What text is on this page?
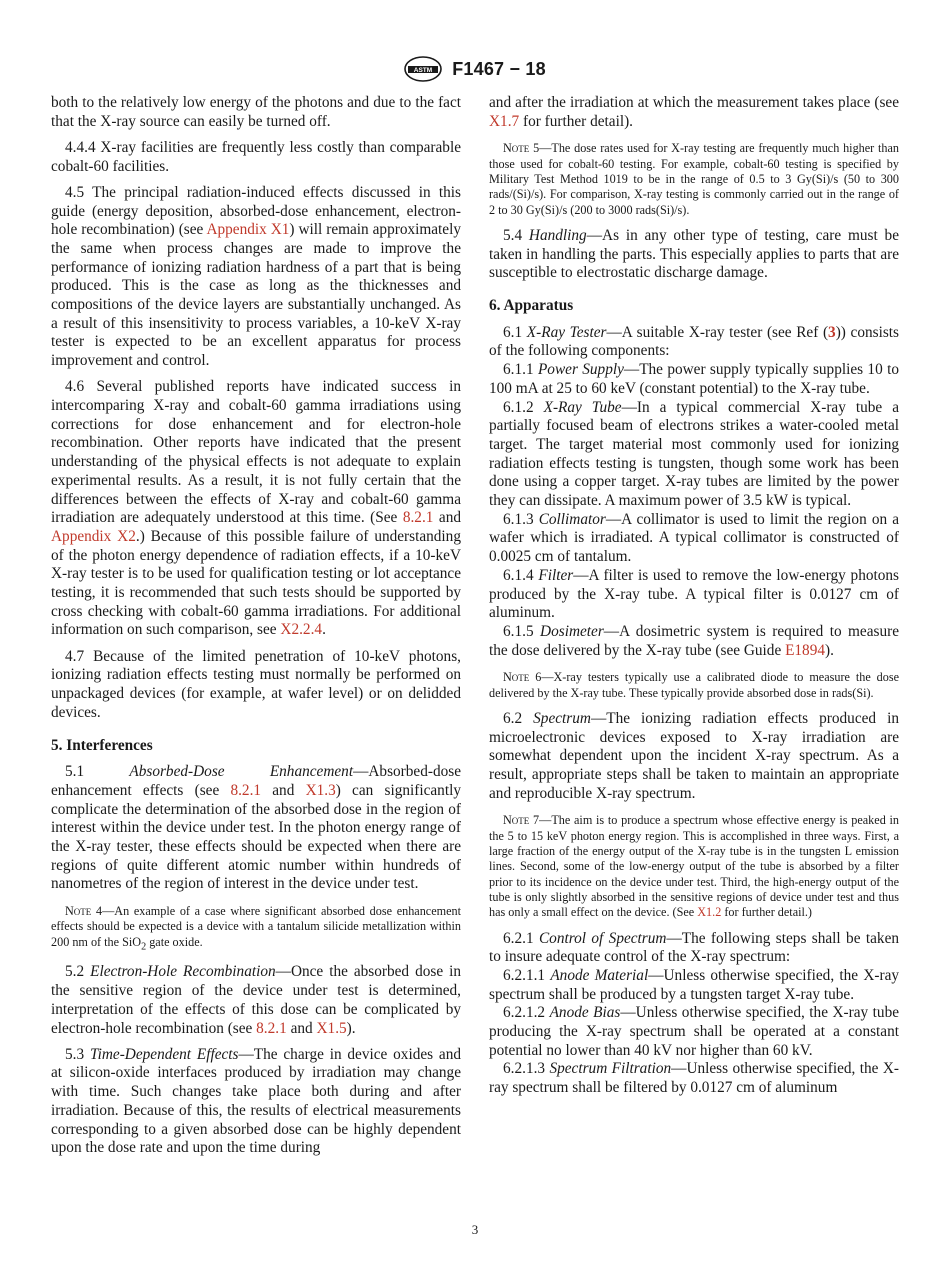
ASTM F1467 − 18

both to the relatively low energy of the photons and due to the fact that the X-ray source can easily be turned off.

4.4.4 X-ray facilities are frequently less costly than comparable cobalt-60 facilities.

4.5 The principal radiation-induced effects discussed in this guide (energy deposition, absorbed-dose enhancement, electron-hole recombination) (see Appendix X1) will remain approximately the same when process changes are made to improve the performance of ionizing radiation hardness of a part that is being produced. This is the case as long as the thicknesses and compositions of the device layers are substantially unchanged. As a result of this insensitivity to process variables, a 10-keV X-ray tester is expected to be an excellent apparatus for process improvement and control.

4.6 Several published reports have indicated success in intercomparing X-ray and cobalt-60 gamma irradiations using corrections for dose enhancement and for electron-hole recombination. Other reports have indicated that the present understanding of the physical effects is not adequate to explain experimental results. As a result, it is not fully certain that the differences between the effects of X-ray and cobalt-60 gamma irradiation are adequately understood at this time. (See 8.2.1 and Appendix X2.) Because of this possible failure of understanding of the photon energy dependence of radiation effects, if a 10-keV X-ray tester is to be used for qualification testing or lot acceptance testing, it is recommended that such tests should be supported by cross checking with cobalt-60 gamma irradiations. For additional information on such comparison, see X2.2.4.

4.7 Because of the limited penetration of 10-keV photons, ionizing radiation effects testing must normally be performed on unpackaged devices (for example, at wafer level) or on delidded devices.

5. Interferences

5.1 Absorbed-Dose Enhancement—Absorbed-dose enhancement effects (see 8.2.1 and X1.3) can significantly complicate the determination of the absorbed dose in the region of interest within the device under test. In the photon energy range of the X-ray tester, these effects should be expected when there are regions of quite different atomic number within hundreds of nanometres of the region of interest in the device under test.

Note 4—An example of a case where significant absorbed dose enhancement effects should be expected is a device with a tantalum silicide metallization within 200 nm of the SiO$_2$ gate oxide.

5.2 Electron-Hole Recombination—Once the absorbed dose in the sensitive region of the device under test is determined, interpretation of the effects of this dose can be complicated by electron-hole recombination (see 8.2.1 and X1.5).

5.3 Time-Dependent Effects—The charge in device oxides and at silicon-oxide interfaces produced by irradiation may change with time. Such changes take place both during and after irradiation. Because of this, the results of electrical measurements corresponding to a given absorbed dose can be highly dependent upon the dose rate and upon the time during

and after the irradiation at which the measurement takes place (see X1.7 for further detail).

Note 5—The dose rates used for X-ray testing are frequently much higher than those used for cobalt-60 testing. For example, cobalt-60 testing is specified by Military Test Method 1019 to be in the range of 0.5 to 3 Gy(Si)/s (50 to 300 rads/(Si)/s). For comparison, X-ray testing is commonly carried out in the range of 2 to 30 Gy(Si)/s (200 to 3000 rads(Si)/s).

5.4 Handling—As in any other type of testing, care must be taken in handling the parts. This especially applies to parts that are susceptible to electrostatic discharge damage.

6. Apparatus

6.1 X-Ray Tester—A suitable X-ray tester (see Ref (3)) consists of the following components:

6.1.1 Power Supply—The power supply typically supplies 10 to 100 mA at 25 to 60 keV (constant potential) to the X-ray tube.

6.1.2 X-Ray Tube—In a typical commercial X-ray tube a partially focused beam of electrons strikes a water-cooled metal target. The target material most commonly used for ionizing radiation effects testing is tungsten, though some work has been done using a copper target. X-ray tubes are limited by the power they can dissipate. A maximum power of 3.5 kW is typical.

6.1.3 Collimator—A collimator is used to limit the region on a wafer which is irradiated. A typical collimator is constructed of 0.0025 cm of tantalum.

6.1.4 Filter—A filter is used to remove the low-energy photons produced by the X-ray tube. A typical filter is 0.0127 cm of aluminum.

6.1.5 Dosimeter—A dosimetric system is required to measure the dose delivered by the X-ray tube (see Guide E1894).

Note 6—X-ray testers typically use a calibrated diode to measure the dose delivered by the X-ray tube. These typically provide absorbed dose in rads(Si).

6.2 Spectrum—The ionizing radiation effects produced in microelectronic devices exposed to X-ray irradiation are somewhat dependent upon the incident X-ray spectrum. As a result, appropriate steps shall be taken to maintain an appropriate and reproducible X-ray spectrum.

Note 7—The aim is to produce a spectrum whose effective energy is peaked in the 5 to 15 keV photon energy region. This is accomplished in three ways. First, a large fraction of the energy output of the X-ray tube is in the tungsten L emission lines. Second, some of the low-energy output of the tube is absorbed by a filter prior to its incidence on the device under test. Third, the high-energy output of the tube is only slightly absorbed in the sensitive regions of device under test and thus has only a small effect on the device. (See X1.2 for further detail.)

6.2.1 Control of Spectrum—The following steps shall be taken to insure adequate control of the X-ray spectrum:

6.2.1.1 Anode Material—Unless otherwise specified, the X-ray spectrum shall be produced by a tungsten target X-ray tube.

6.2.1.2 Anode Bias—Unless otherwise specified, the X-ray tube producing the X-ray spectrum shall be operated at a constant potential no lower than 40 kV nor higher than 60 kV.

6.2.1.3 Spectrum Filtration—Unless otherwise specified, the X-ray spectrum shall be filtered by 0.0127 cm of aluminum

3
